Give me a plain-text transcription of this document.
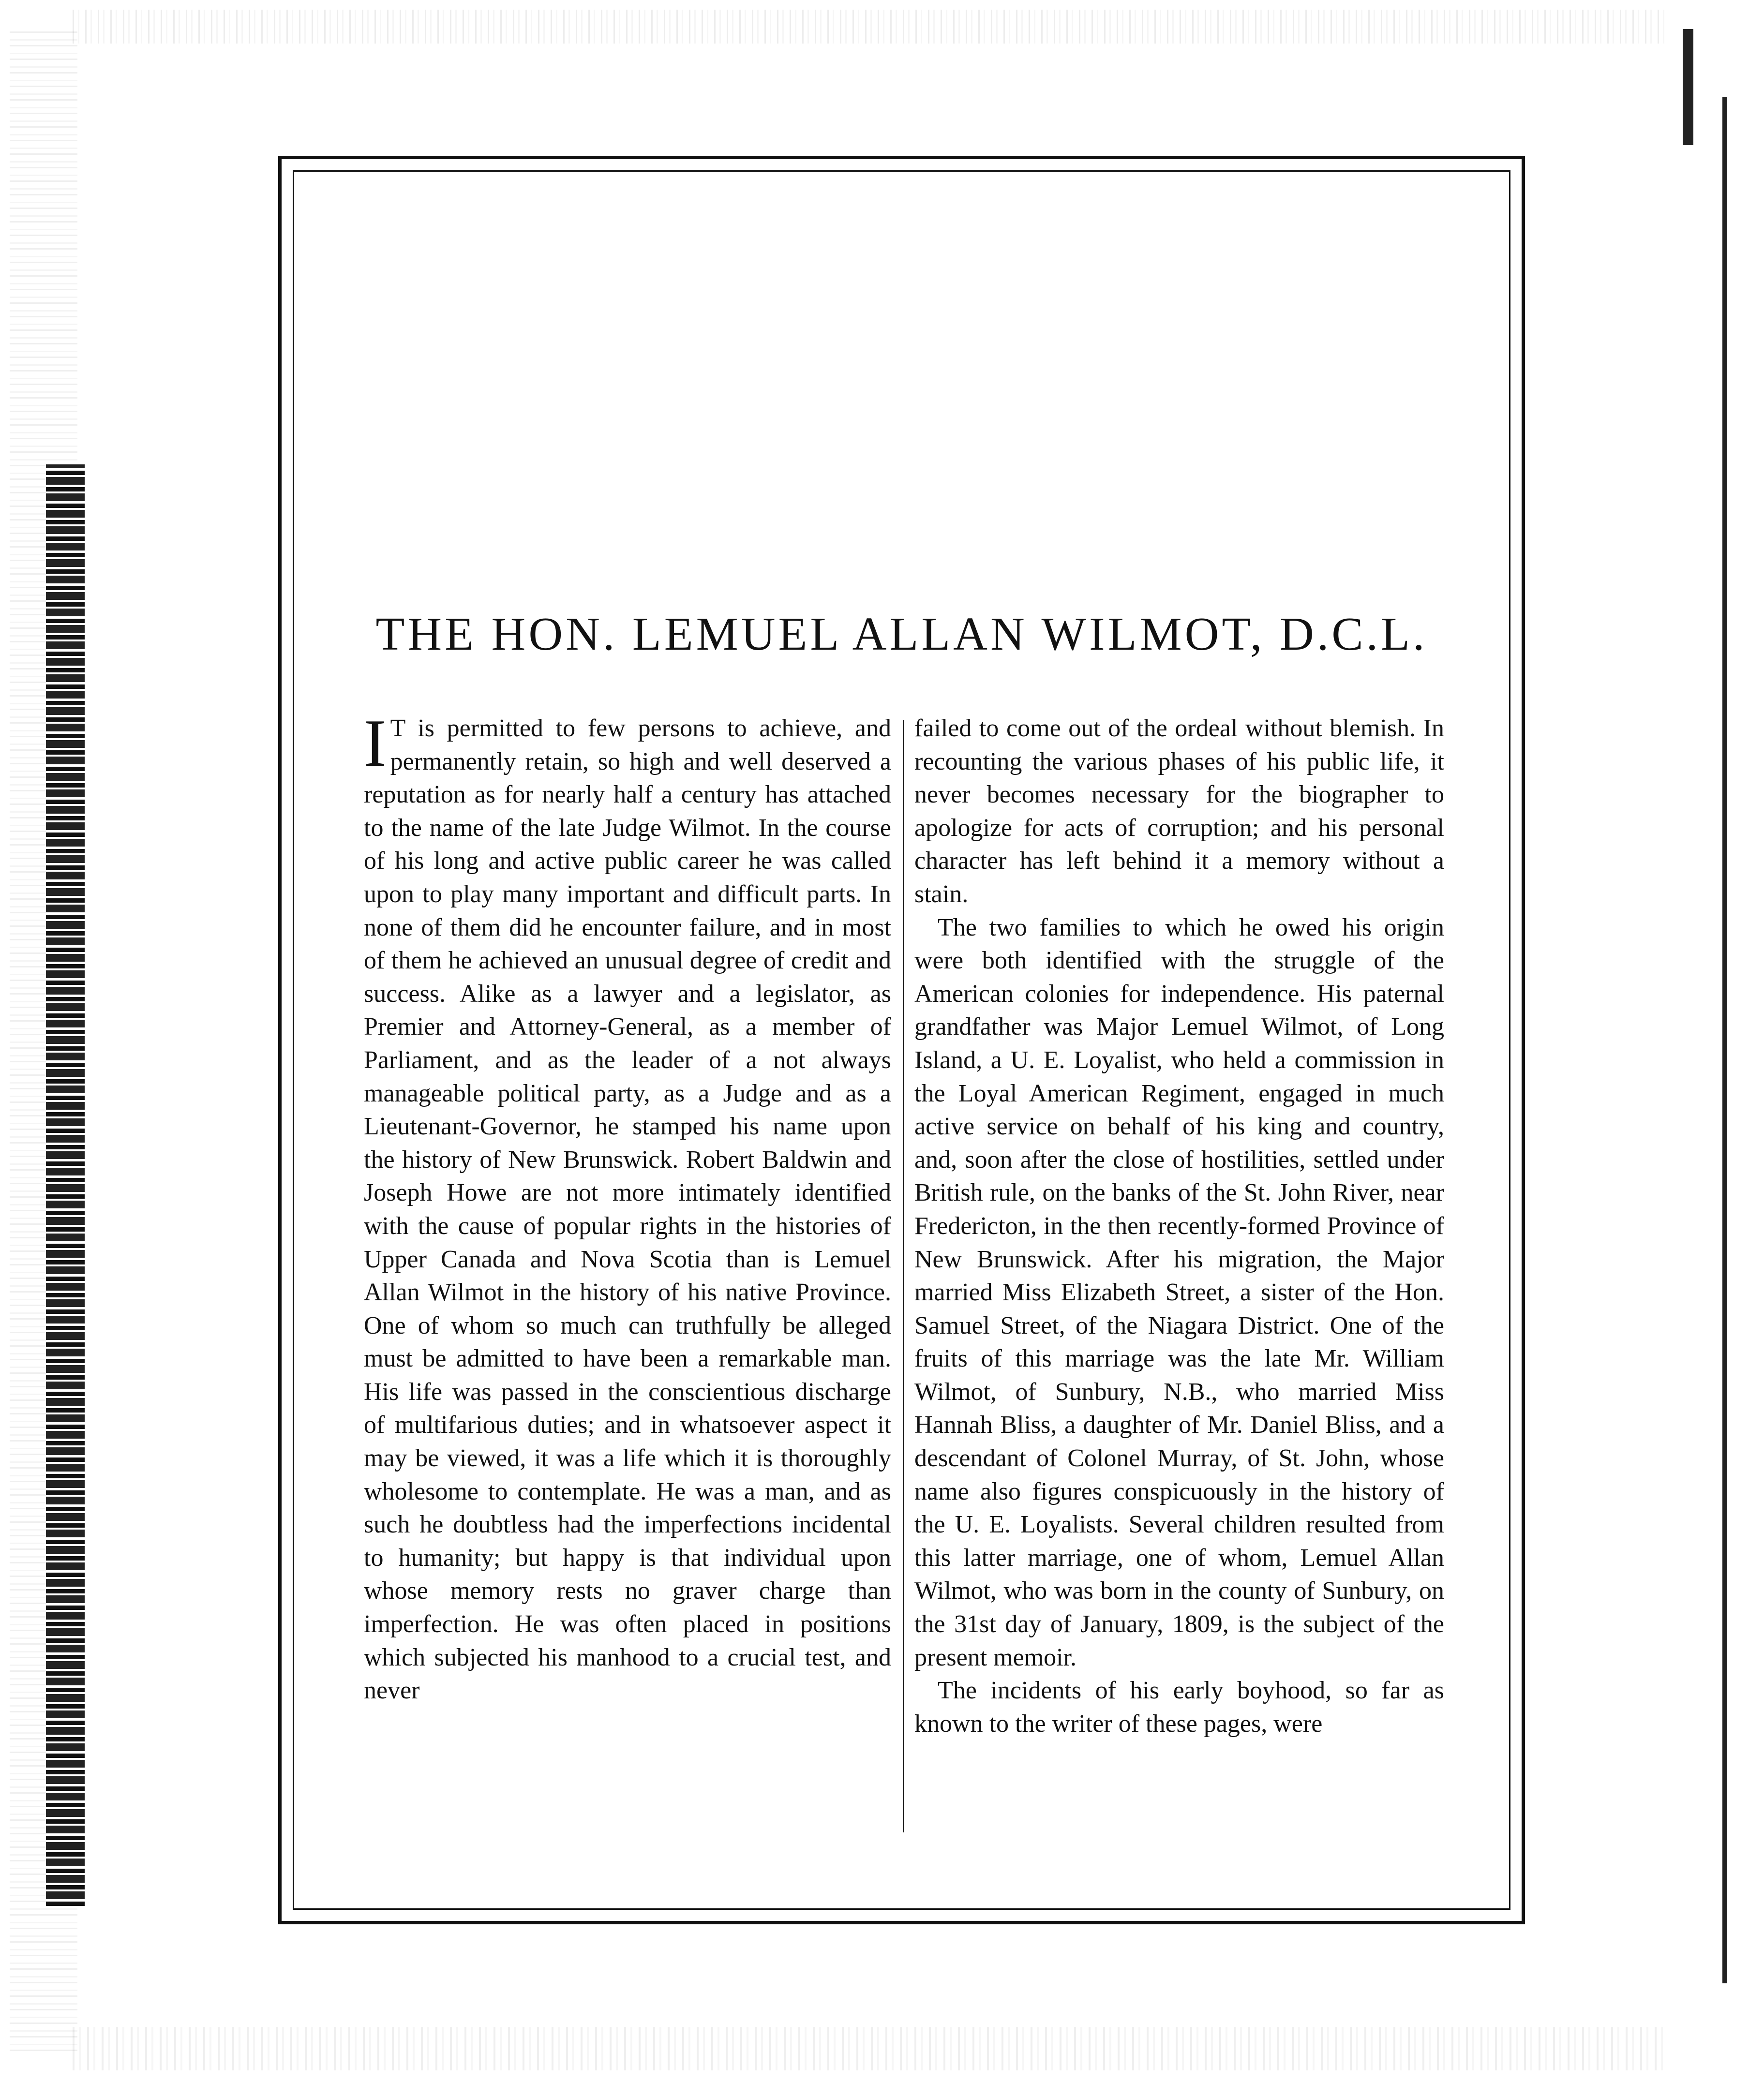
THE HON. LEMUEL ALLAN WILMOT, D.C.L.

I T is permitted to few persons to achieve, and permanently retain, so high and well deserved a reputation as for nearly half a century has attached to the name of the late Judge Wilmot. In the course of his long and active public career he was called upon to play many important and difficult parts. In none of them did he encounter failure, and in most of them he achieved an unusual degree of credit and success. Alike as a lawyer and a legislator, as Premier and Attorney-General, as a member of Parliament, and as the leader of a not always manageable political party, as a Judge and as a Lieutenant-Governor, he stamped his name upon the history of New Brunswick. Robert Baldwin and Joseph Howe are not more intimately identified with the cause of popular rights in the histories of Upper Canada and Nova Scotia than is Lemuel Allan Wilmot in the history of his native Province. One of whom so much can truthfully be alleged must be admitted to have been a remarkable man. His life was passed in the conscientious discharge of multifarious duties; and in whatsoever aspect it may be viewed, it was a life which it is thoroughly wholesome to contemplate. He was a man, and as such he doubtless had the imperfections incidental to humanity; but happy is that individual upon whose memory rests no graver charge than imperfection. He was often placed in positions which subjected his manhood to a crucial test, and never

failed to come out of the ordeal without blemish. In recounting the various phases of his public life, it never becomes necessary for the biographer to apologize for acts of corruption; and his personal character has left behind it a memory without a stain.

The two families to which he owed his origin were both identified with the struggle of the American colonies for independence. His paternal grandfather was Major Lemuel Wilmot, of Long Island, a U. E. Loyalist, who held a commission in the Loyal American Regiment, engaged in much active service on behalf of his king and country, and, soon after the close of hostilities, settled under British rule, on the banks of the St. John River, near Fredericton, in the then recently-formed Province of New Brunswick. After his migration, the Major married Miss Elizabeth Street, a sister of the Hon. Samuel Street, of the Niagara District. One of the fruits of this marriage was the late Mr. William Wilmot, of Sunbury, N.B., who married Miss Hannah Bliss, a daughter of Mr. Daniel Bliss, and a descendant of Colonel Murray, of St. John, whose name also figures conspicuously in the history of the U. E. Loyalists. Several children resulted from this latter marriage, one of whom, Lemuel Allan Wilmot, who was born in the county of Sunbury, on the 31st day of January, 1809, is the subject of the present memoir.

The incidents of his early boyhood, so far as known to the writer of these pages, were
